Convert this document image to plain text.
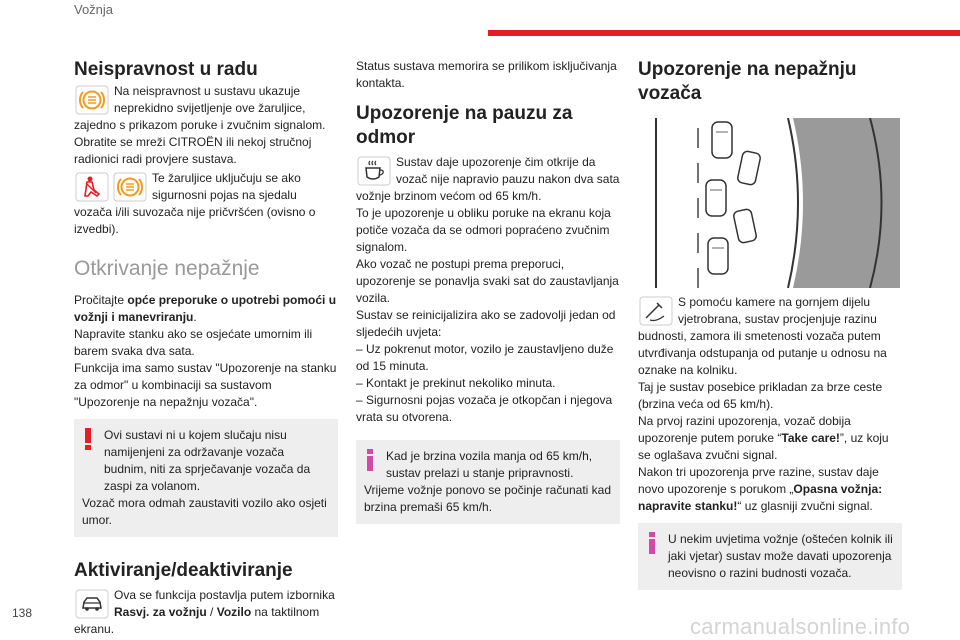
Vožnja
Neispravnost u radu

Na neispravnost u sustavu ukazuje neprekidno svijetljenje ove žaruljice, zajedno s prikazom poruke i zvučnim signalom. Obratite se mreži CITROËN ili nekoj stručnoj radionici radi provjere sustava.

Te žaruljice uključuju se ako sigurnosni pojas na sjedalu vozača i/ili suvozača nije pričvršćen (ovisno o izvedbi).

Otkrivanje nepažnje

Pročitajte opće preporuke o upotrebi pomoći u vožnji i manevriranju.

Napravite stanku ako se osjećate umornim ili barem svaka dva sata.

Funkcija ima samo sustav "Upozorenje na stanku za odmor" u kombinaciji sa sustavom "Upozorenje na nepažnju vozača".

Ovi sustavi ni u kojem slučaju nisu namijenjeni za održavanje vozača budnim, niti za sprječavanje vozača da zaspi za volanom.

Vozač mora odmah zaustaviti vozilo ako osjeti umor.

Aktiviranje/deaktiviranje

Ova se funkcija postavlja putem izbornika Rasvj. za vožnju / Vozilo na taktilnom ekranu.

Status sustava memorira se prilikom isključivanja kontakta.

Upozorenje na pauzu za odmor

Sustav daje upozorenje čim otkrije da vozač nije napravio pauzu nakon dva sata vožnje brzinom većom od 65 km/h.

To je upozorenje u obliku poruke na ekranu koja potiče vozača da se odmori popraćeno zvučnim signalom.

Ako vozač ne postupi prema preporuci, upozorenje se ponavlja svaki sat do zaustavljanja vozila.

Sustav se reinicijalizira ako se zadovolji jedan od sljedećih uvjeta:

– Uz pokrenut motor, vozilo je zaustavljeno duže od 15 minuta.

– Kontakt je prekinut nekoliko minuta.

– Sigurnosni pojas vozača je otkopčan i njegova vrata su otvorena.

Kad je brzina vozila manja od 65 km/h, sustav prelazi u stanje pripravnosti.

Vrijeme vožnje ponovo se počinje računati kad brzina premaši 65 km/h.

Upozorenje na nepažnju vozača

S pomoću kamere na gornjem dijelu vjetrobrana, sustav procjenjuje razinu budnosti, zamora ili smetenosti vozača putem utvrđivanja odstupanja od putanje u odnosu na oznake na kolniku.

Taj je sustav posebice prikladan za brze ceste (brzina veća od 65 km/h).

Na prvoj razini upozorenja, vozač dobija upozorenje putem poruke “Take care!”, uz koju se oglašava zvučni signal.

Nakon tri upozorenja prve razine, sustav daje novo upozorenje s porukom „Opasna vožnja: napravite stanku!“ uz glasniji zvučni signal.

U nekim uvjetima vožnje (oštećen kolnik ili jaki vjetar) sustav može davati upozorenja neovisno o razini budnosti vozača.

138
carmanualsonline.info
